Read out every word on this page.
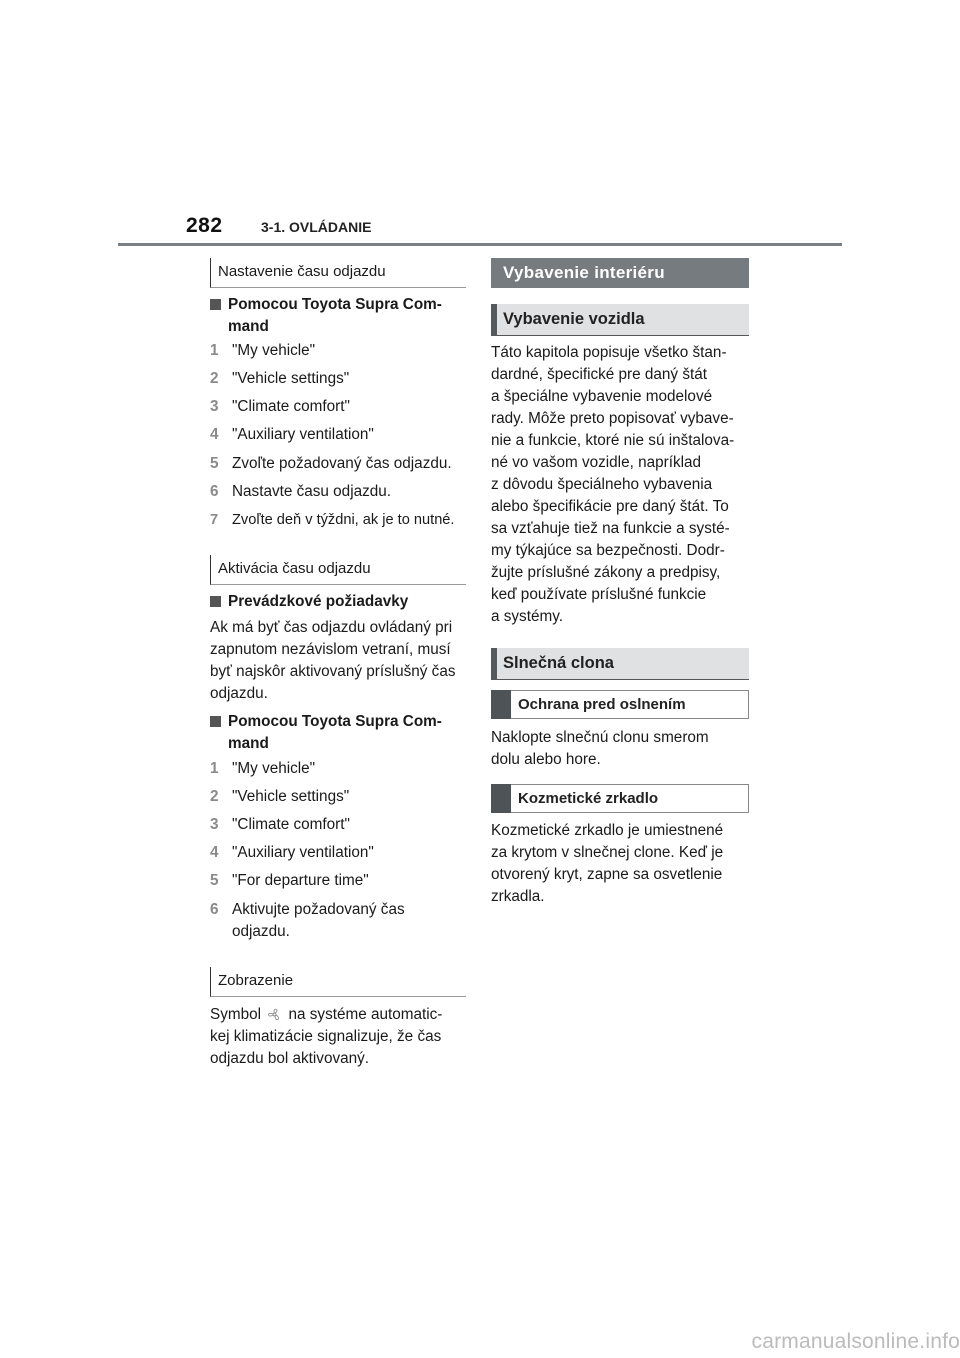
282	3-1. OVLÁDANIE
Nastavenie času odjazdu
Pomocou Toyota Supra Com-
mand
1 "My vehicle"
2 "Vehicle settings"
3 "Climate comfort"
4 "Auxiliary ventilation"
5 Zvoľte požadovaný čas odjazdu.
6 Nastavte času odjazdu.
7 Zvoľte deň v týždni, ak je to nutné.
Aktivácia času odjazdu
Prevádzkové požiadavky
Ak má byť čas odjazdu ovládaný pri
zapnutom nezávislom vetraní, musí
byť najskôr aktivovaný príslušný čas
odjazdu.
Pomocou Toyota Supra Com-
mand
1 "My vehicle"
2 "Vehicle settings"
3 "Climate comfort"
4 "Auxiliary ventilation"
5 "For departure time"
6 Aktivujte požadovaný čas
odjazdu.
Zobrazenie
Symbol na systéme automatic-
kej klimatizácie signalizuje, že čas
odjazdu bol aktivovaný.
Vybavenie interiéru
Vybavenie vozidla
Táto kapitola popisuje všetko štan-
dardné, špecifické pre daný štát
a špeciálne vybavenie modelové
rady. Môže preto popisovať vybave-
nie a funkcie, ktoré nie sú inštalova-
né vo vašom vozidle, napríklad
z dôvodu špeciálneho vybavenia
alebo špecifikácie pre daný štát. To
sa vzťahuje tiež na funkcie a systé-
my týkajúce sa bezpečnosti. Dodr-
žujte príslušné zákony a predpisy,
keď používate príslušné funkcie
a systémy.
Slnečná clona
Ochrana pred oslnením
Naklopte slnečnú clonu smerom
dolu alebo hore.
Kozmetické zrkadlo
Kozmetické zrkadlo je umiestnené
za krytom v slnečnej clone. Keď je
otvorený kryt, zapne sa osvetlenie
zrkadla.
carmanualsonline.info
